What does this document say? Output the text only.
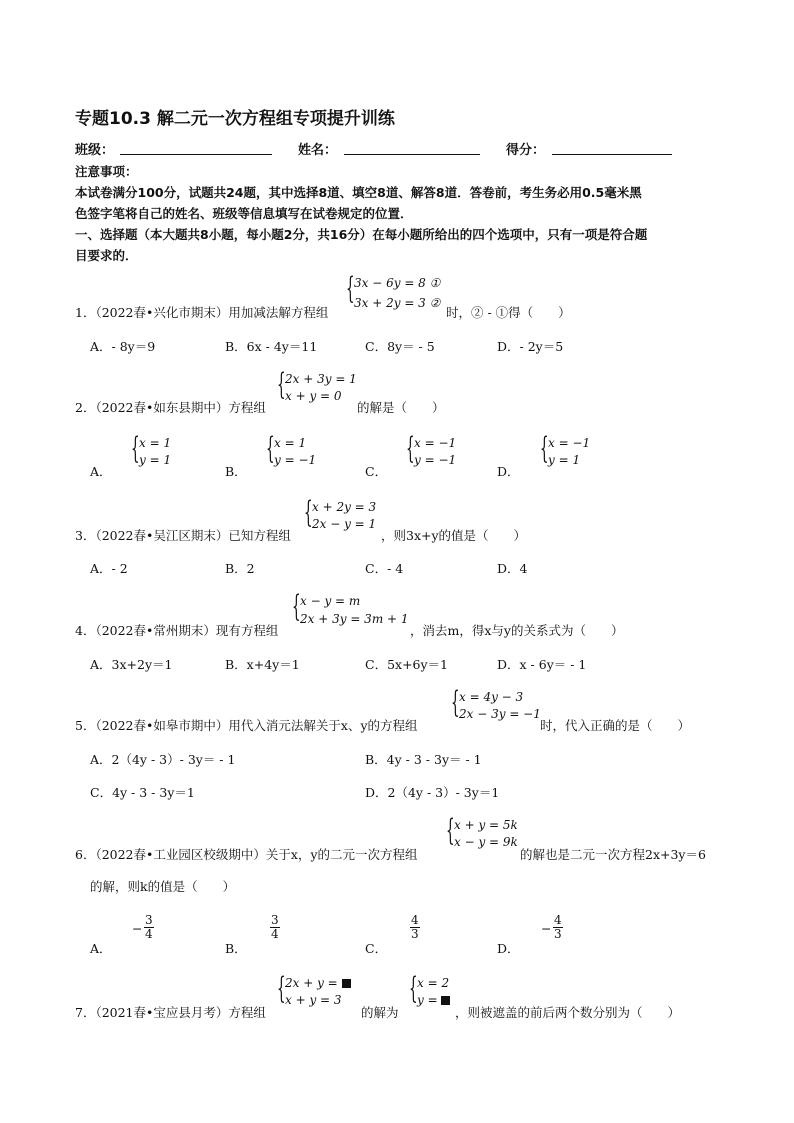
专题10.3 解二元一次方程组专项提升训练
班级：	姓名：	得分：
注意事项：
本试卷满分100分，试题共24题，其中选择8道、填空8道、解答8道．答卷前，考生务必用0.5毫米黑
色签字笔将自己的姓名、班级等信息填写在试卷规定的位置．
一、选择题（本大题共8小题，每小题2分，共16分）在每小题所给出的四个选项中，只有一项是符合题
目要求的．
1．（2022春•兴化市期末）用加减法解方程组
{ 3x − 6y = 8 ①
3x + 2y = 3 ②
时，② - ①得（　　）
A．- 8y＝9	B．6x - 4y＝11	C．8y＝ - 5	D．- 2y＝5
2．（2022春•如东县期中）方程组
{ 2x + 3y = 1
x + y = 0
的解是（　　）
A．
{ x = 1
y = 1
B．
{ x = 1
y = −1
C．
{ x = −1
y = −1
D．
{ x = −1
y = 1
3．（2022春•吴江区期末）已知方程组
{ x + 2y = 3
2x − y = 1
，则3x+y的值是（　　）
A．- 2	B．2	C．- 4	D．4
4．（2022春•常州期末）现有方程组
{ x − y = m
2x + 3y = 3m + 1
，消去m，得x与y的关系式为（　　）
A．3x+2y＝1	B．x+4y＝1	C．5x+6y＝1	D．x - 6y＝ - 1
5．（2022春•如皋市期中）用代入消元法解关于x、y的方程组
{ x = 4y − 3
2x − 3y = −1
时，代入正确的是（　　）
A．2（4y - 3）- 3y＝ - 1	B．4y - 3 - 3y＝ - 1
C．4y - 3 - 3y＝1	D．2（4y - 3）- 3y＝1
6．（2022春•工业园区校级期中）关于x，y的二元一次方程组
{ x + y = 5k
x − y = 9k
的解也是二元一次方程2x+3y＝6
的解，则k的值是（　　）
A．
− $\frac{3}{4}$
B．
$\frac{3}{4}$
C．
$\frac{4}{3}$
D．
− $\frac{4}{3}$
7．（2021春•宝应县月考）方程组
{ 2x + y =
x + y = 3
的解为
{ x = 2
y =
，则被遮盖的前后两个数分别为（　　）
